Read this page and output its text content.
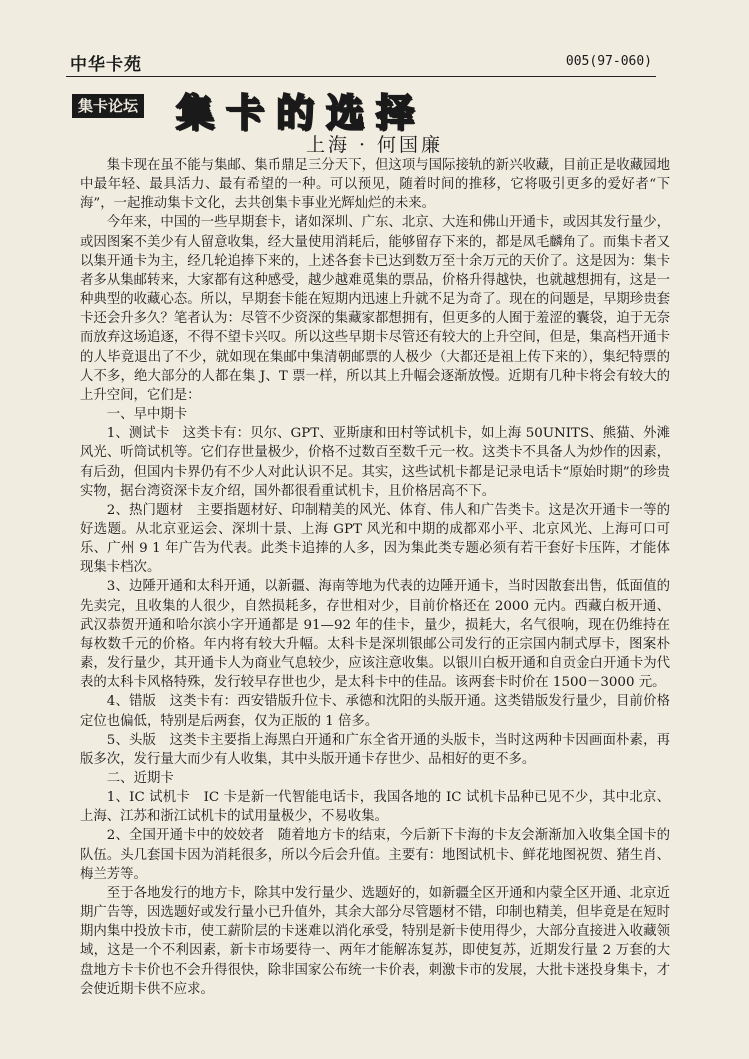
中华卡苑	005(97-060)
集卡论坛 集卡的选择
上海 · 何国廉

集卡现在虽不能与集邮、集币鼎足三分天下，但这项与国际接轨的新兴收藏，目前正是收藏园地中最年轻、最具活力、最有希望的一种。可以预见，随着时间的推移，它将吸引更多的爱好者“下海”，一起推动集卡文化，去共创集卡事业光辉灿烂的未来。

今年来，中国的一些早期套卡，诸如深圳、广东、北京、大连和佛山开通卡，或因其发行量少，或因图案不美少有人留意收集，经大量使用消耗后，能够留存下来的，都是凤毛麟角了。而集卡者又以集开通卡为主，经几轮追捧下来的，上述各套卡已达到数万至十余万元的天价了。这是因为：集卡者多从集邮转来，大家都有这种感受，越少越难觅集的票品，价格升得越快，也就越想拥有，这是一种典型的收藏心态。所以，早期套卡能在短期内迅速上升就不足为奇了。现在的问题是，早期珍贵套卡还会升多久？笔者认为：尽管不少资深的集藏家都想拥有，但更多的人囿于羞涩的囊袋，迫于无奈而放弃这场追逐，不得不望卡兴叹。所以这些早期卡尽管还有较大的上升空间，但是，集高档开通卡的人毕竟退出了不少，就如现在集邮中集清朝邮票的人极少（大都还是祖上传下来的），集纪特票的人不多，绝大部分的人都在集 J、T 票一样，所以其上升幅会逐渐放慢。近期有几种卡将会有较大的上升空间，它们是：

一、早中期卡

1、测试卡　这类卡有：贝尔、GPT、亚斯康和田村等试机卡，如上海 50UNITS、熊猫、外滩风光、听筒试机等。它们存世量极少，价格不过数百至数千元一枚。这类卡不具备人为炒作的因素，有后劲，但国内卡界仍有不少人对此认识不足。其实，这些试机卡都是记录电话卡“原始时期”的珍贵实物，据台湾资深卡友介绍，国外都很看重试机卡，且价格居高不下。

2、热门题材　主要指题材好、印制精美的风光、体育、伟人和广告类卡。这是次开通卡一等的好选题。从北京亚运会、深圳十景、上海 GPT 风光和中期的成都邓小平、北京风光、上海可口可乐、广州 9 1 年广告为代表。此类卡追捧的人多，因为集此类专题必须有若干套好卡压阵，才能体现集卡档次。

3、边陲开通和太科开通，以新疆、海南等地为代表的边陲开通卡，当时因散套出售，低面值的先卖完，且收集的人很少，自然损耗多，存世相对少，目前价格还在 2000 元内。西藏白板开通、武汉恭贺开通和哈尔滨小字开通都是 91—92 年的佳卡，量少，损耗大，名气很响，现在仍维持在每枚数千元的价格。年内将有较大升幅。太科卡是深圳银邮公司发行的正宗国内制式厚卡，图案朴素，发行量少，其开通卡人为商业气息较少，应该注意收集。以银川白板开通和自贡金白开通卡为代表的太科卡风格特殊，发行较早存世也少，是太科卡中的佳品。该两套卡时价在 1500－3000 元。

4、错版　这类卡有：西安错版升位卡、承德和沈阳的头版开通。这类错版发行量少，目前价格定位也偏低，特别是后两套，仅为正版的 1 倍多。

5、头版　这类卡主要指上海黑白开通和广东全省开通的头版卡，当时这两种卡因画面朴素，再版多次，发行量大而少有人收集，其中头版开通卡存世少、品相好的更不多。

二、近期卡

1、IC 试机卡　IC 卡是新一代智能电话卡，我国各地的 IC 试机卡品种已见不少，其中北京、上海、江苏和浙江试机卡的试用量极少，不易收集。

2、全国开通卡中的姣姣者　随着地方卡的结束，今后新下卡海的卡友会渐渐加入收集全国卡的队伍。头几套国卡因为消耗很多，所以今后会升值。主要有：地图试机卡、鲜花地图祝贺、猪生肖、梅兰芳等。

至于各地发行的地方卡，除其中发行量少、选题好的，如新疆全区开通和内蒙全区开通、北京近期广告等，因选题好或发行量小已升值外，其余大部分尽管题材不错，印制也精美，但毕竟是在短时期内集中投放卡市，使工薪阶层的卡迷难以消化承受，特别是新卡使用得少，大部分直接进入收藏领域，这是一个不利因素，新卡市场要待一、两年才能解冻复苏，即使复苏，近期发行量 2 万套的大盘地方卡卡价也不会升得很快，除非国家公布统一卡价表，刺激卡市的发展，大批卡迷投身集卡，才会使近期卡供不应求。
